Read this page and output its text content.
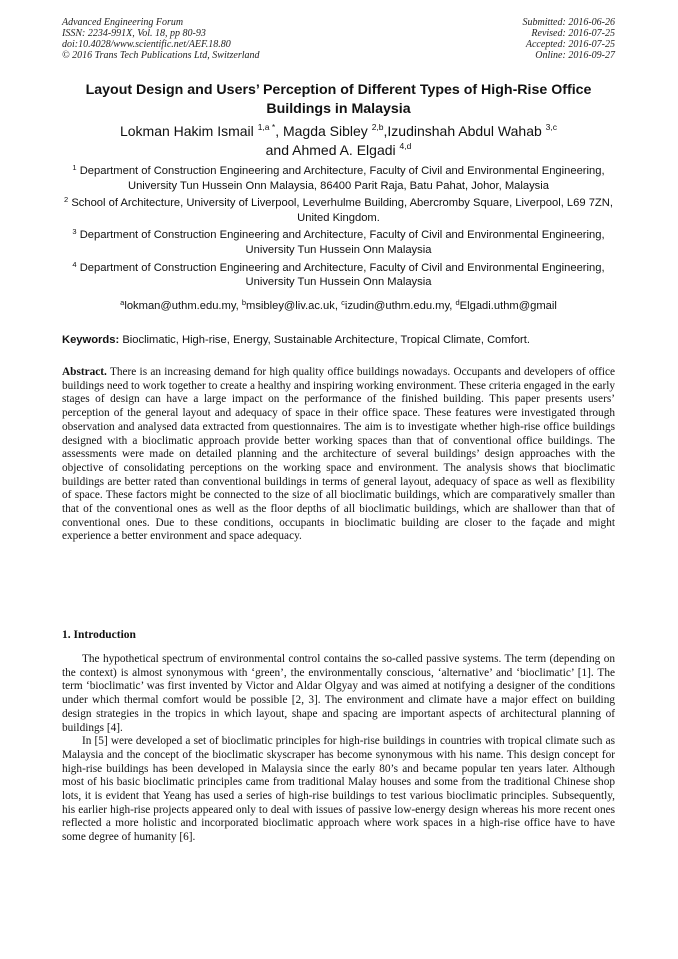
Advanced Engineering Forum
ISSN: 2234-991X, Vol. 18, pp 80-93
doi:10.4028/www.scientific.net/AEF.18.80
© 2016 Trans Tech Publications Ltd, Switzerland
Submitted: 2016-06-26
Revised: 2016-07-25
Accepted: 2016-07-25
Online: 2016-09-27
Layout Design and Users’ Perception of Different Types of High-Rise Office Buildings in Malaysia
Lokman Hakim Ismail $^{1,a *}$, Magda Sibley $^{2,b}$,Izudinshah Abdul Wahab $^{3,c}$
and Ahmed A. Elgadi $^{4,d}$
$^1$ Department of Construction Engineering and Architecture, Faculty of Civil and Environmental Engineering, University Tun Hussein Onn Malaysia, 86400 Parit Raja, Batu Pahat, Johor, Malaysia
$^2$ School of Architecture, University of Liverpool, Leverhulme Building, Abercromby Square, Liverpool, L69 7ZN, United Kingdom.
$^3$ Department of Construction Engineering and Architecture, Faculty of Civil and Environmental Engineering, University Tun Hussein Onn Malaysia
$^4$ Department of Construction Engineering and Architecture, Faculty of Civil and Environmental Engineering, University Tun Hussein Onn Malaysia
$^a$lokman@uthm.edu.my, $^b$msibley@liv.ac.uk, $^c$izudin@uthm.edu.my, $^d$Elgadi.uthm@gmail
Keywords: Bioclimatic, High-rise, Energy, Sustainable Architecture, Tropical Climate, Comfort.
Abstract. There is an increasing demand for high quality office buildings nowadays. Occupants and developers of office buildings need to work together to create a healthy and inspiring working environment. These criteria engaged in the early stages of design can have a large impact on the performance of the finished building. This paper presents users’ perception of the general layout and adequacy of space in their office space. These features were investigated through observation and analysed data extracted from questionnaires. The aim is to investigate whether high-rise office buildings designed with a bioclimatic approach provide better working spaces than that of conventional office buildings. The assessments were made on detailed planning and the architecture of several buildings’ design approaches with the objective of consolidating perceptions on the working space and environment. The analysis shows that bioclimatic buildings are better rated than conventional buildings in terms of general layout, adequacy of space as well as flexibility of space. These factors might be connected to the size of all bioclimatic buildings, which are comparatively smaller than that of the conventional ones as well as the floor depths of all bioclimatic buildings, which are shallower than that of conventional ones. Due to these conditions, occupants in bioclimatic building are closer to the façade and might experience a better environment and space adequacy.
1. Introduction

The hypothetical spectrum of environmental control contains the so-called passive systems. The term (depending on the context) is almost synonymous with ‘green’, the environmentally conscious, ‘alternative’ and ‘bioclimatic’ [1]. The term ‘bioclimatic’ was first invented by Victor and Aldar Olgyay and was aimed at notifying a designer of the conditions under which thermal comfort would be possible [2, 3]. The environment and climate have a major effect on building design strategies in the tropics in which layout, shape and spacing are important aspects of architectural planning of buildings [4].

In [5] were developed a set of bioclimatic principles for high-rise buildings in countries with tropical climate such as Malaysia and the concept of the bioclimatic skyscraper has become synonymous with his name. This design concept for high-rise buildings has been developed in Malaysia since the early 80’s and became popular ten years later. Although most of his basic bioclimatic principles came from traditional Malay houses and some from the traditional Chinese shop lots, it is evident that Yeang has used a series of high-rise buildings to test various bioclimatic principles. Subsequently, his earlier high-rise projects appeared only to deal with issues of passive low-energy design whereas his more recent ones reflected a more holistic and incorporated bioclimatic approach where work spaces in a high-rise office have to have some degree of humanity [6].
